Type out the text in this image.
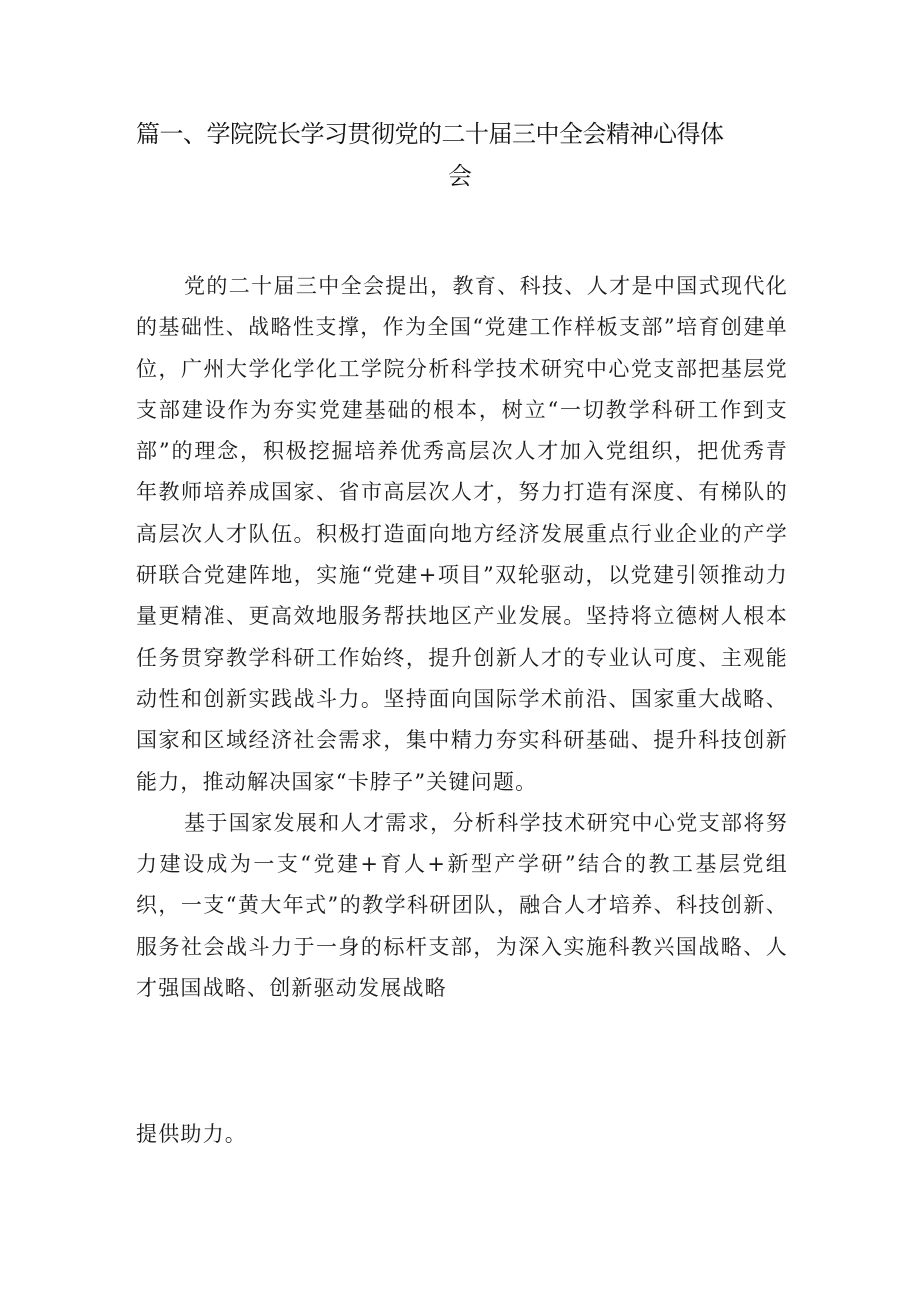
篇一、学院院长学习贯彻党的二十届三中全会精神心得体
会

党的二十届三中全会提出，教育、科技、人才是中国式现代化的基础性、战略性支撑，作为全国“党建工作样板支部”培育创建单位，广州大学化学化工学院分析科学技术研究中心党支部把基层党支部建设作为夯实党建基础的根本，树立“一切教学科研工作到支部”的理念，积极挖掘培养优秀高层次人才加入党组织，把优秀青年教师培养成国家、省市高层次人才，努力打造有深度、有梯队的高层次人才队伍。积极打造面向地方经济发展重点行业企业的产学研联合党建阵地，实施“党建+项目”双轮驱动，以党建引领推动力量更精准、更高效地服务帮扶地区产业发展。坚持将立德树人根本任务贯穿教学科研工作始终，提升创新人才的专业认可度、主观能动性和创新实践战斗力。坚持面向国际学术前沿、国家重大战略、国家和区域经济社会需求，集中精力夯实科研基础、提升科技创新能力，推动解决国家“卡脖子”关键问题。

基于国家发展和人才需求，分析科学技术研究中心党支部将努力建设成为一支“党建+育人+新型产学研”结合的教工基层党组织，一支“黄大年式”的教学科研团队，融合人才培养、科技创新、服务社会战斗力于一身的标杆支部，为深入实施科教兴国战略、人才强国战略、创新驱动发展战略

提供助力。
